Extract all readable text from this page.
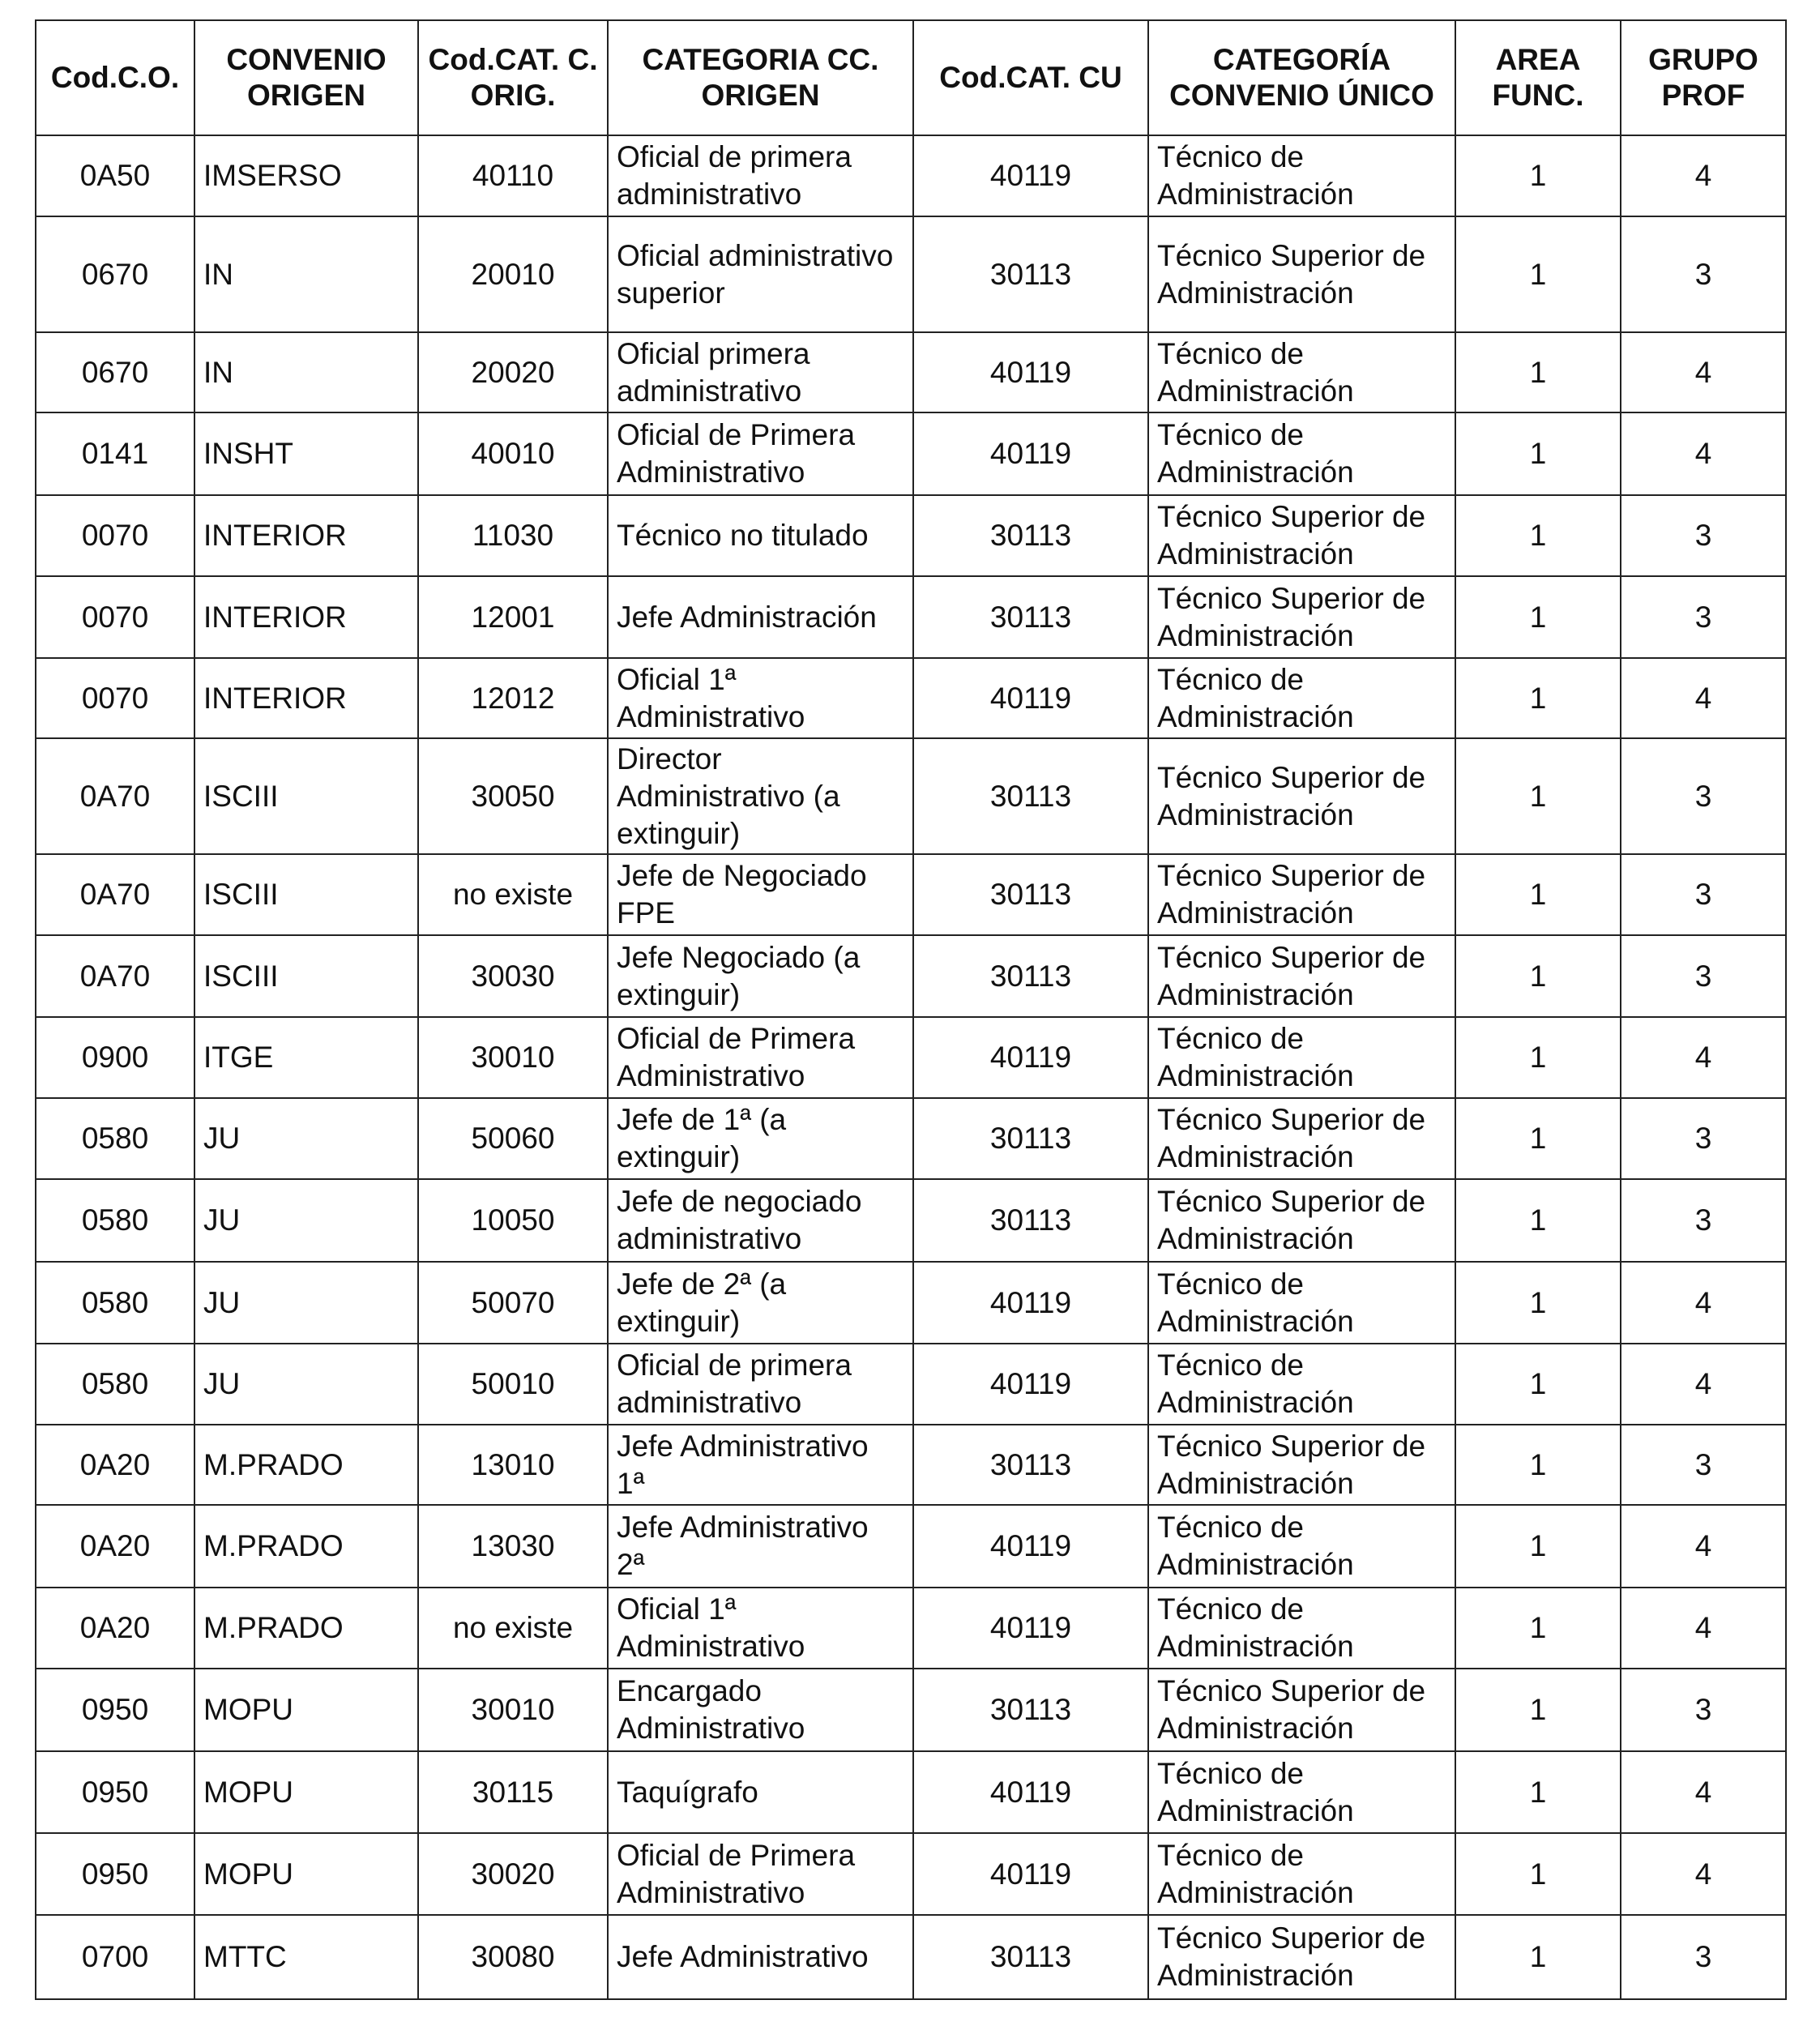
Cod.C.O.	CONVENIO ORIGEN	Cod.CAT. C. ORIG.	CATEGORIA CC. ORIGEN	Cod.CAT. CU	CATEGORÍA CONVENIO ÚNICO	AREA FUNC.	GRUPO PROF
0A50	IMSERSO	40110	Oficial de primera administrativo	40119	Técnico de Administración	1	4
0670	IN	20010	Oficial administrativo superior	30113	Técnico Superior de Administración	1	3
0670	IN	20020	Oficial primera administrativo	40119	Técnico de Administración	1	4
0141	INSHT	40010	Oficial de Primera Administrativo	40119	Técnico de Administración	1	4
0070	INTERIOR	11030	Técnico no titulado	30113	Técnico Superior de Administración	1	3
0070	INTERIOR	12001	Jefe Administración	30113	Técnico Superior de Administración	1	3
0070	INTERIOR	12012	Oficial 1ª Administrativo	40119	Técnico de Administración	1	4
0A70	ISCIII	30050	Director Administrativo (a extinguir)	30113	Técnico Superior de Administración	1	3
0A70	ISCIII	no existe	Jefe de Negociado FPE	30113	Técnico Superior de Administración	1	3
0A70	ISCIII	30030	Jefe Negociado (a extinguir)	30113	Técnico Superior de Administración	1	3
0900	ITGE	30010	Oficial de Primera Administrativo	40119	Técnico de Administración	1	4
0580	JU	50060	Jefe de 1ª (a extinguir)	30113	Técnico Superior de Administración	1	3
0580	JU	10050	Jefe de negociado administrativo	30113	Técnico Superior de Administración	1	3
0580	JU	50070	Jefe de 2ª (a extinguir)	40119	Técnico de Administración	1	4
0580	JU	50010	Oficial de primera administrativo	40119	Técnico de Administración	1	4
0A20	M.PRADO	13010	Jefe Administrativo 1ª	30113	Técnico Superior de Administración	1	3
0A20	M.PRADO	13030	Jefe Administrativo 2ª	40119	Técnico de Administración	1	4
0A20	M.PRADO	no existe	Oficial 1ª Administrativo	40119	Técnico de Administración	1	4
0950	MOPU	30010	Encargado Administrativo	30113	Técnico Superior de Administración	1	3
0950	MOPU	30115	Taquígrafo	40119	Técnico de Administración	1	4
0950	MOPU	30020	Oficial de Primera Administrativo	40119	Técnico de Administración	1	4
0700	MTTC	30080	Jefe Administrativo	30113	Técnico Superior de Administración	1	3
